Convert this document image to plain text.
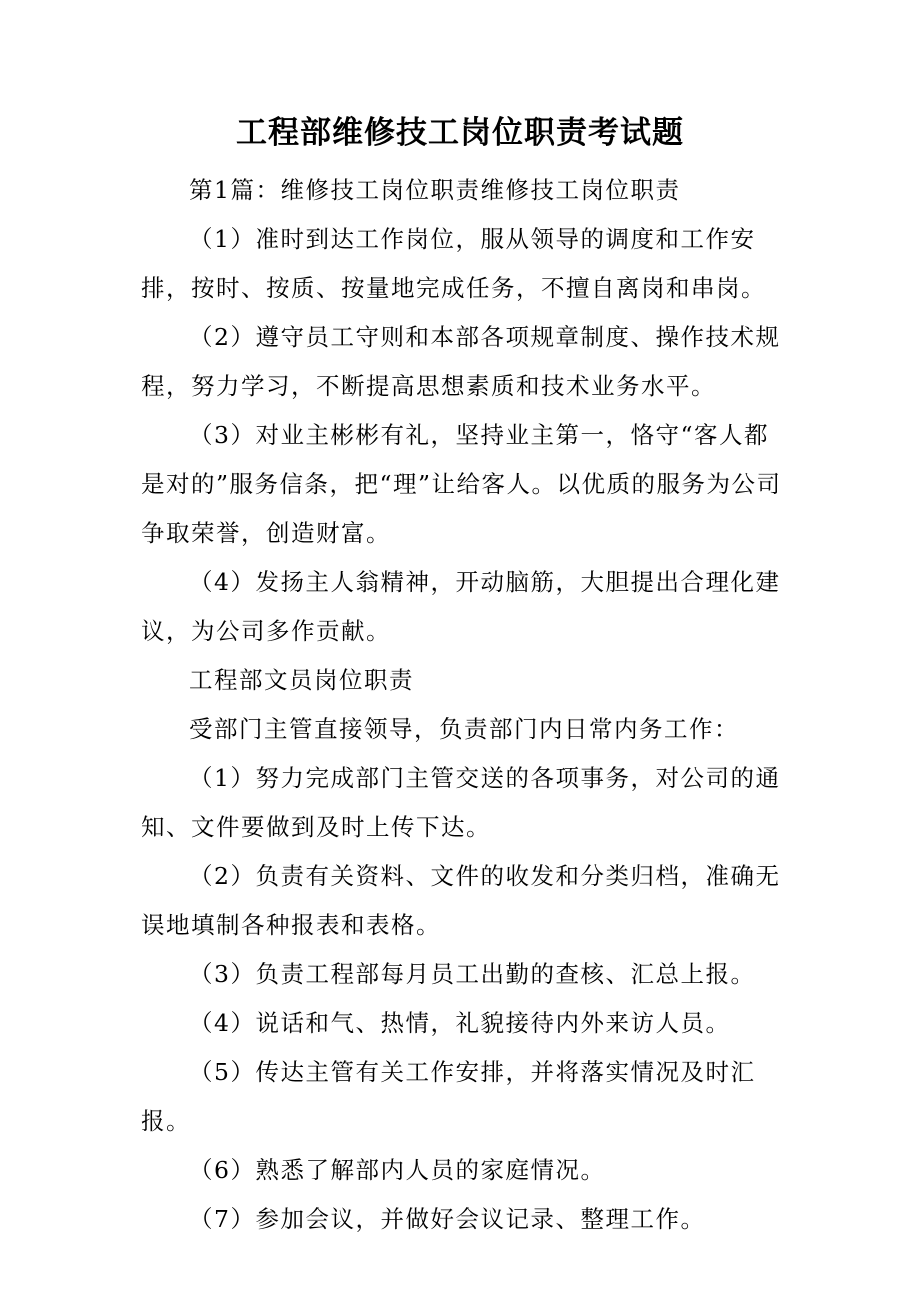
工程部维修技工岗位职责考试题

第1篇：维修技工岗位职责维修技工岗位职责

（1）准时到达工作岗位，服从领导的调度和工作安排，按时、按质、按量地完成任务，不擅自离岗和串岗。

（2）遵守员工守则和本部各项规章制度、操作技术规程，努力学习，不断提高思想素质和技术业务水平。

（3）对业主彬彬有礼，坚持业主第一，恪守“客人都是对的”服务信条，把“理”让给客人。以优质的服务为公司争取荣誉，创造财富。

（4）发扬主人翁精神，开动脑筋，大胆提出合理化建议，为公司多作贡献。

工程部文员岗位职责

受部门主管直接领导，负责部门内日常内务工作：

（1）努力完成部门主管交送的各项事务，对公司的通知、文件要做到及时上传下达。

（2）负责有关资料、文件的收发和分类归档，准确无误地填制各种报表和表格。

（3）负责工程部每月员工出勤的查核、汇总上报。

（4）说话和气、热情，礼貌接待内外来访人员。

（5）传达主管有关工作安排，并将落实情况及时汇报。

（6）熟悉了解部内人员的家庭情况。

（7）参加会议，并做好会议记录、整理工作。
